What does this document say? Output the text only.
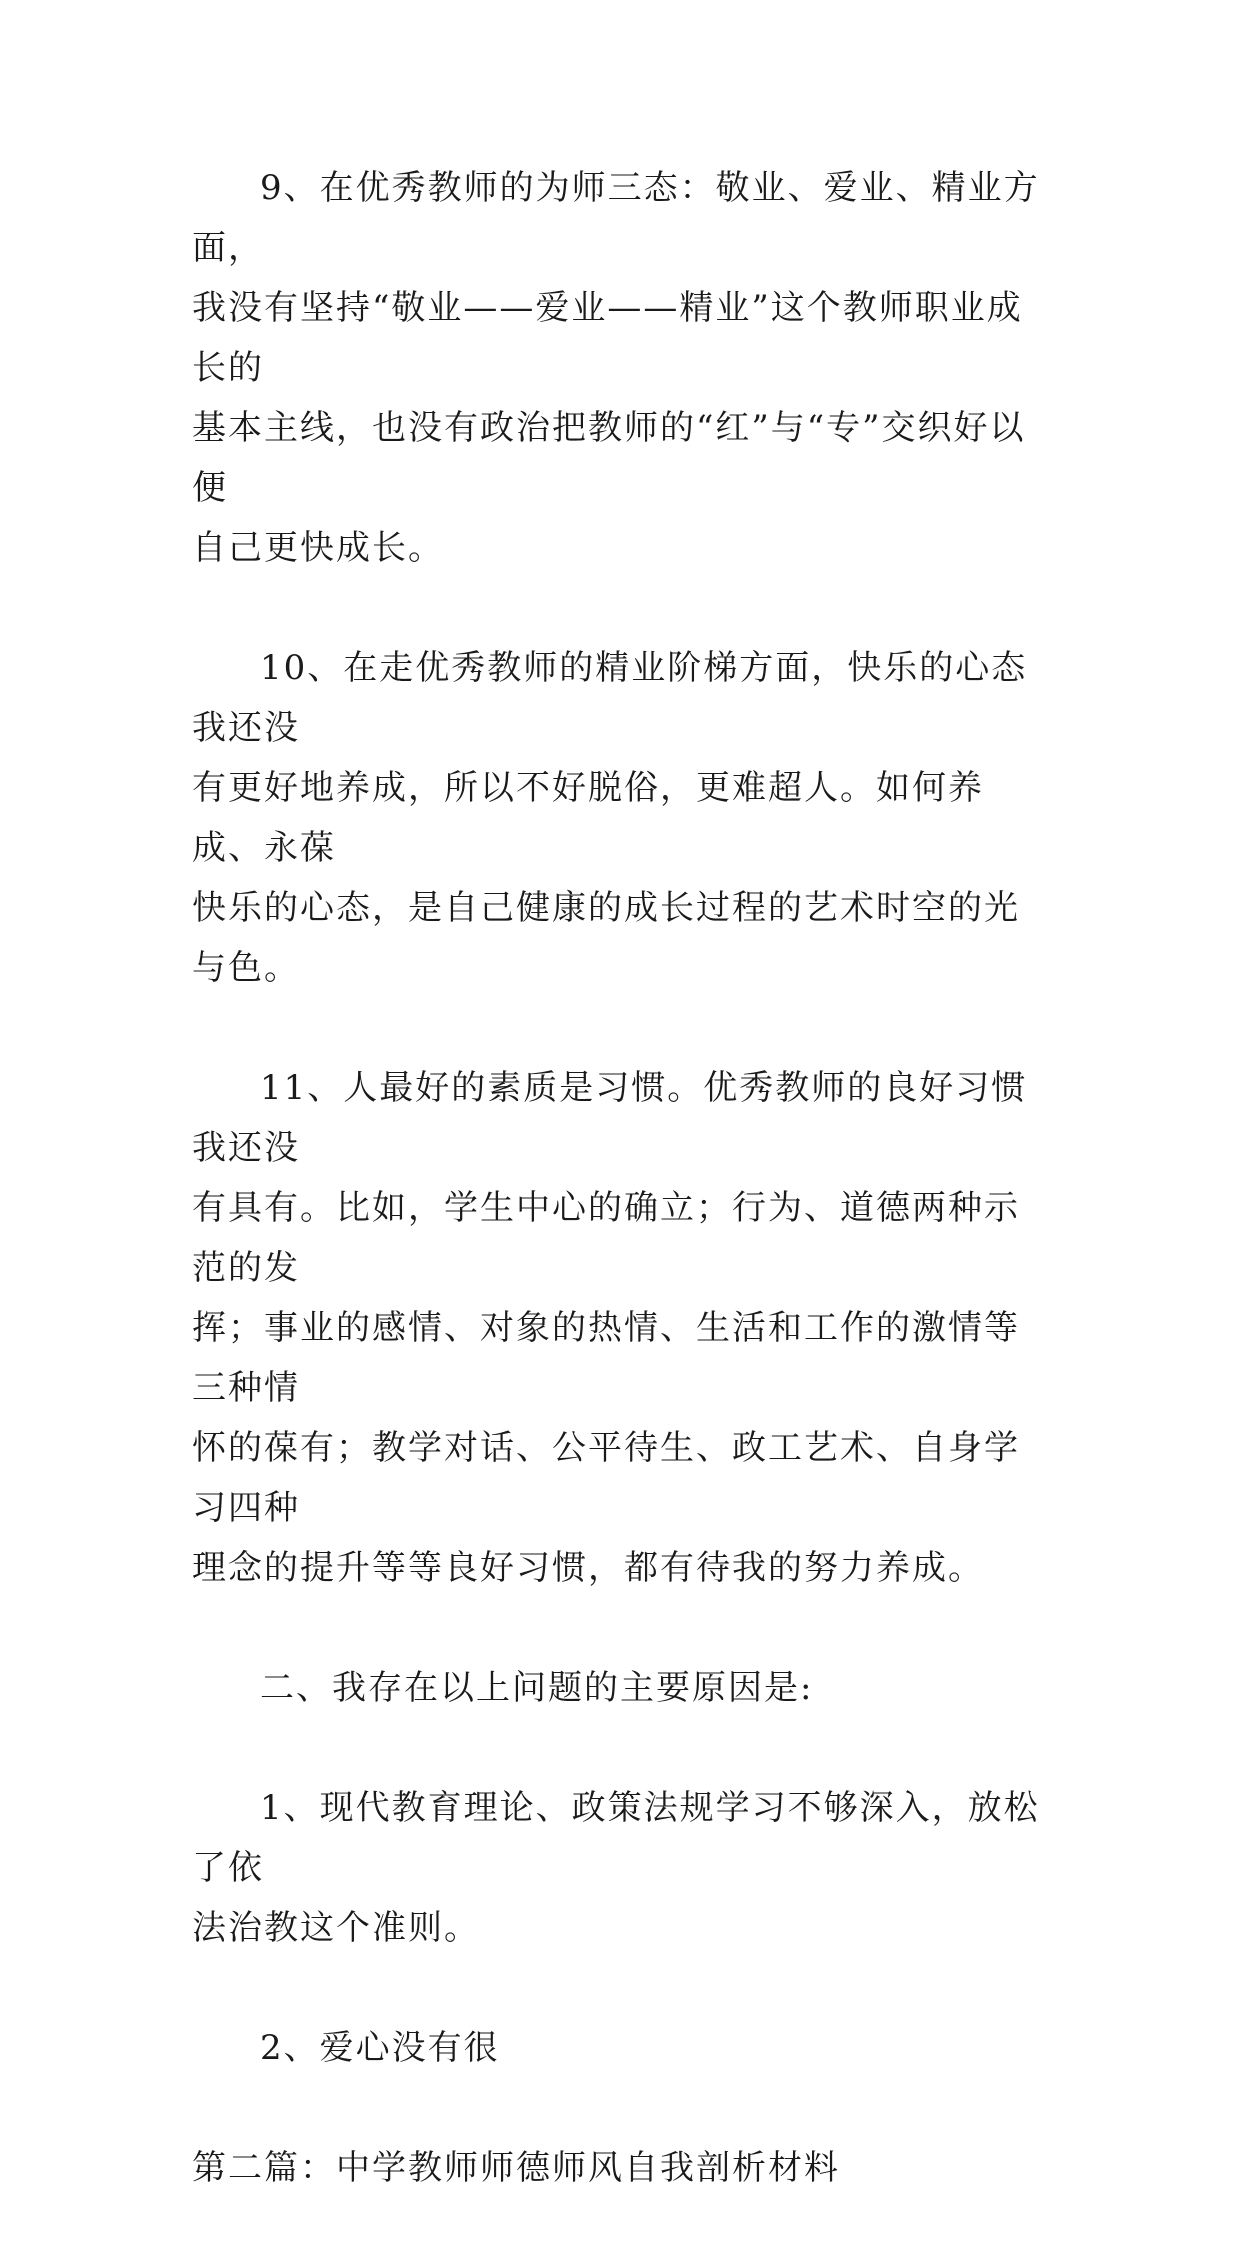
9、在优秀教师的为师三态：敬业、爱业、精业方面，
我没有坚持“敬业——爱业——精业”这个教师职业成长的
基本主线，也没有政治把教师的“红”与“专”交织好以便
自己更快成长。

10、在走优秀教师的精业阶梯方面，快乐的心态我还没
有更好地养成，所以不好脱俗，更难超人。如何养成、永葆
快乐的心态，是自己健康的成长过程的艺术时空的光与色。

11、人最好的素质是习惯。优秀教师的良好习惯我还没
有具有。比如，学生中心的确立；行为、道德两种示范的发
挥；事业的感情、对象的热情、生活和工作的激情等三种情
怀的葆有；教学对话、公平待生、政工艺术、自身学习四种
理念的提升等等良好习惯，都有待我的努力养成。

二、我存在以上问题的主要原因是:

1、现代教育理论、政策法规学习不够深入，放松了依
法治教这个准则。

2、爱心没有很

第二篇：中学教师师德师风自我剖析材料
